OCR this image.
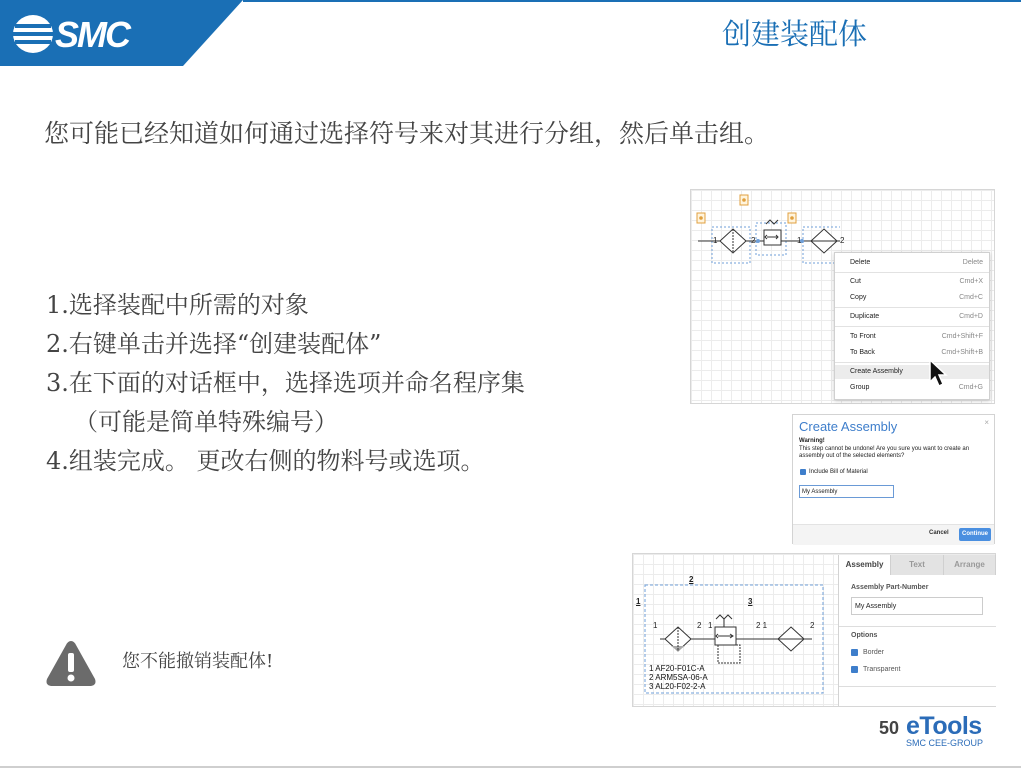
SMC	创建装配体
您可能已经知道如何通过选择符号来对其进行分组，然后单击组。
1.选择装配中所需的对象
2.右键单击并选择“创建装配体”
3.在下面的对话框中，选择选项并命名程序集
（可能是简单特殊编号）
4.组装完成。 更改右侧的物料号或选项。
您不能撤销装配体!
1	2	1	2
Delete	Delete
Cut	Cmd+X
Copy	Cmd+C
Duplicate	Cmd+D
To Front	Cmd+Shift+F
To Back	Cmd+Shift+B
Create Assembly
Group	Cmd+G
Create Assembly	×
Warning!
This step cannot be undone! Are you sure you want to create an assembly out of the selected elements?
Include Bill of Material
My Assembly
Cancel	Continue
2
1	3
1	2 1	2 1	2
1 AF20-F01C-A
2 ARM5SA-06-A
3 AL20-F02-2-A
Assembly	Text	Arrange
Assembly Part-Number
My Assembly
Options
Border
Transparent
50 eTools
SMC CEE-GROUP
